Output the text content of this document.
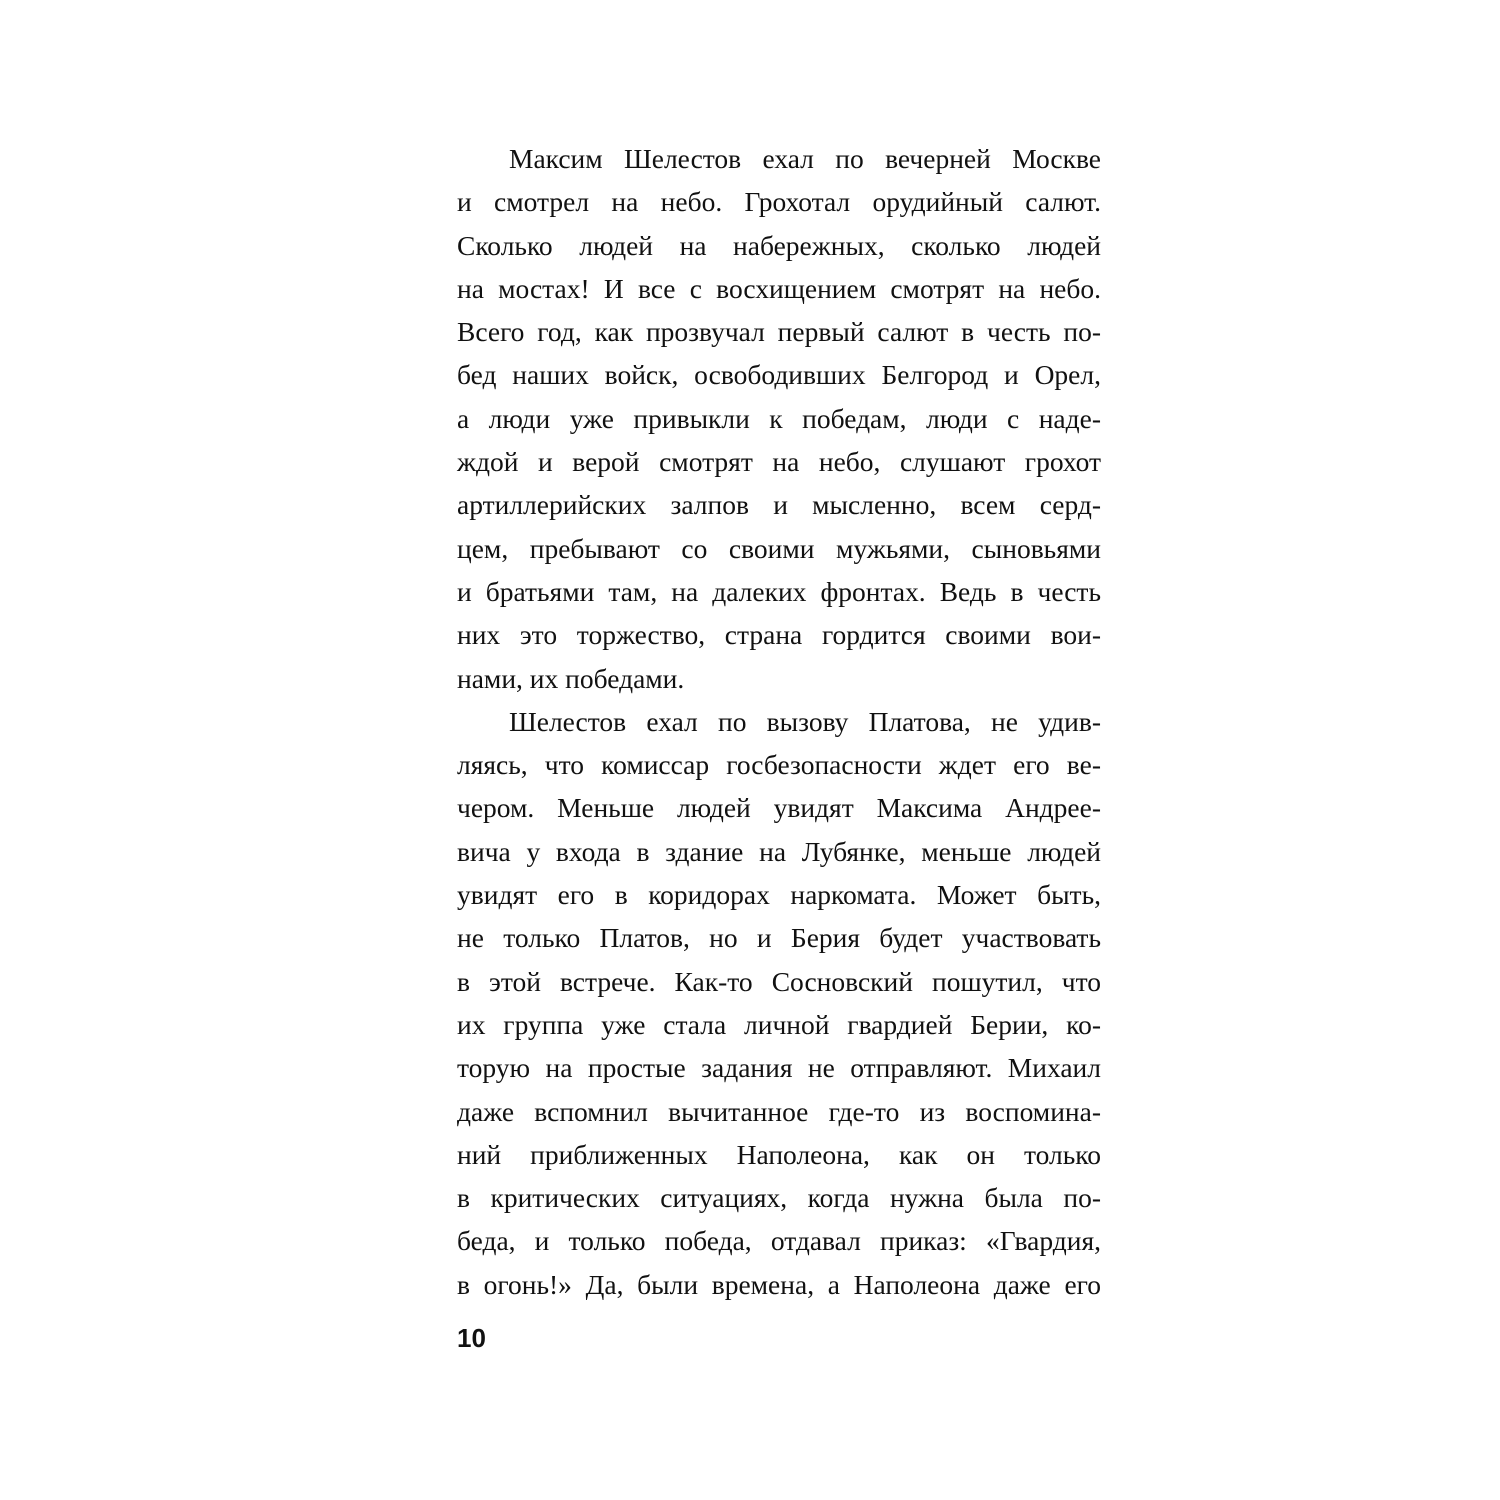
Максим Шелестов ехал по вечерней Москве
и смотрел на небо. Грохотал орудийный салют.
Сколько людей на набережных, сколько людей
на мостах! И все с восхищением смотрят на небо.
Всего год, как прозвучал первый салют в честь по-
бед наших войск, освободивших Белгород и Орел,
а люди уже привыкли к победам, люди с наде-
ждой и верой смотрят на небо, слушают грохот
артиллерийских залпов и мысленно, всем серд-
цем, пребывают со своими мужьями, сыновьями
и братьями там, на далеких фронтах. Ведь в честь
них это торжество, страна гордится своими вои-
нами, их победами.
Шелестов ехал по вызову Платова, не удив-
ляясь, что комиссар госбезопасности ждет его ве-
чером. Меньше людей увидят Максима Андрее-
вича у входа в здание на Лубянке, меньше людей
увидят его в коридорах наркомата. Может быть,
не только Платов, но и Берия будет участвовать
в этой встрече. Как-то Сосновский пошутил, что
их группа уже стала личной гвардией Берии, ко-
торую на простые задания не отправляют. Михаил
даже вспомнил вычитанное где-то из воспомина-
ний приближенных Наполеона, как он только
в критических ситуациях, когда нужна была по-
беда, и только победа, отдавал приказ: «Гвардия,
в огонь!» Да, были времена, а Наполеона даже его
10
